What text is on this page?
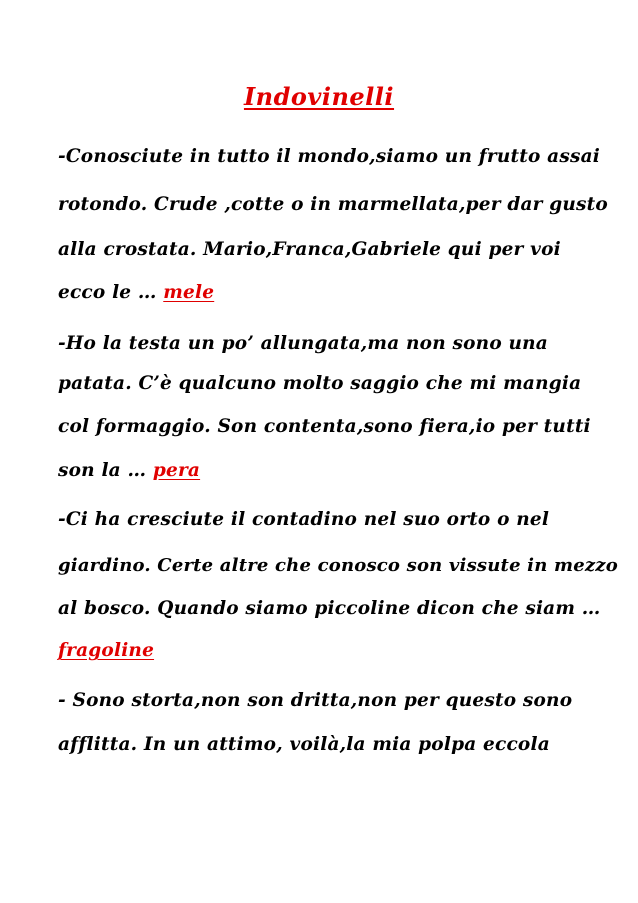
Indovinelli
-Conosciute in tutto il mondo,siamo un frutto assai
rotondo. Crude ,cotte o in marmellata,per dar gusto
alla crostata. Mario,Franca,Gabriele qui per voi
ecco le … mele
-Ho la testa un po’ allungata,ma non sono una
patata. C’è qualcuno molto saggio che mi mangia
col formaggio. Son contenta,sono fiera,io per tutti
son la … pera
-Ci ha cresciute il contadino nel suo orto o nel
giardino. Certe altre che conosco son vissute in mezzo
al bosco. Quando siamo piccoline dicon che siam …
fragoline
- Sono storta,non son dritta,non per questo sono
afflitta. In un attimo, voilà,la mia polpa eccola
